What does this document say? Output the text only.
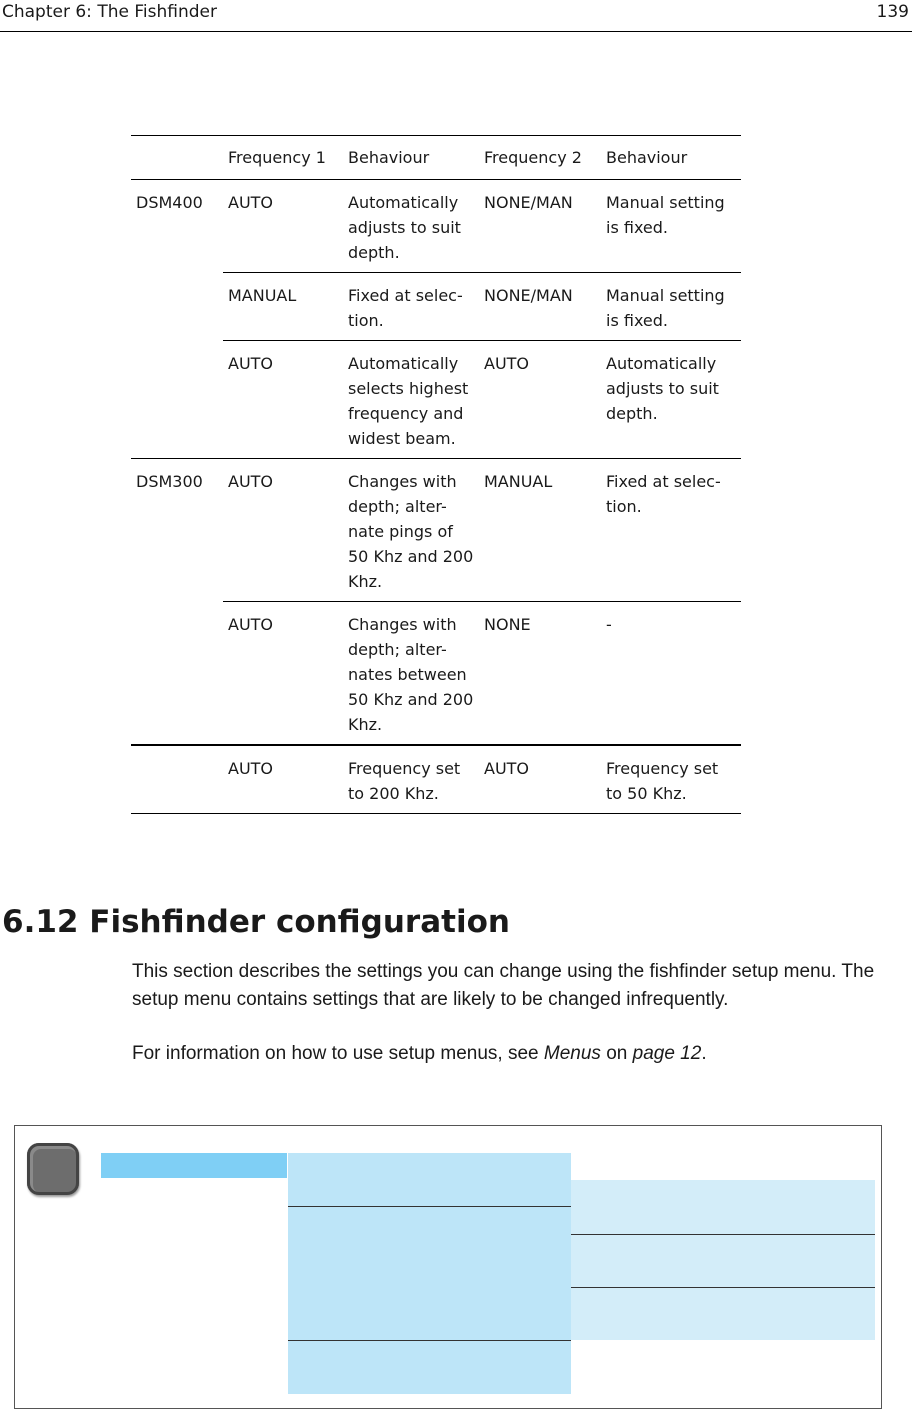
Chapter 6: The Fishfinder	139
	Frequency 1	Behaviour	Frequency 2	Behaviour
DSM400	AUTO	Automatically adjusts to suit depth.	NONE/MAN	Manual setting is fixed.
	MANUAL	Fixed at selec-tion.	NONE/MAN	Manual setting is fixed.
	AUTO	Automatically selects highest frequency and widest beam.	AUTO	Automatically adjusts to suit depth.
DSM300	AUTO	Changes with depth; alter-nate pings of 50 Khz and 200 Khz.	MANUAL	Fixed at selec-tion.
	AUTO	Changes with depth; alter-nates between 50 Khz and 200 Khz.	NONE	-
	AUTO	Frequency set to 200 Khz.	AUTO	Frequency set to 50 Khz.
6.12 Fishfinder configuration

This section describes the settings you can change using the fishfinder setup menu. The setup menu contains settings that are likely to be changed infrequently.

For information on how to use setup menus, see Menus on page 12.
